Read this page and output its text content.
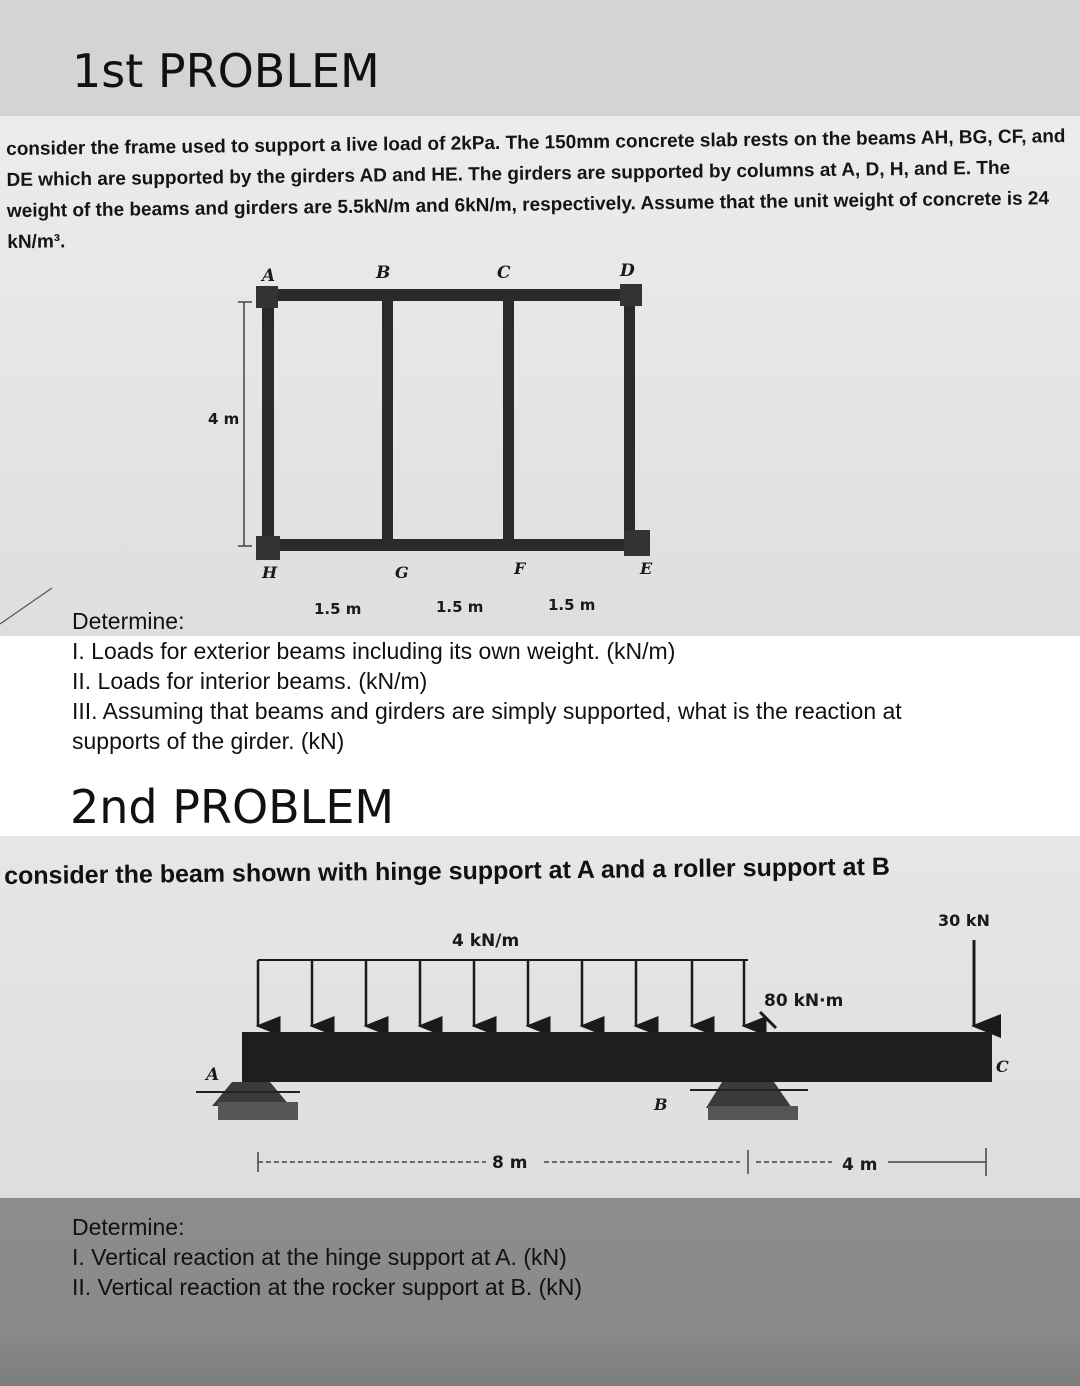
1st PROBLEM
consider the frame used to support a live load of 2kPa. The 150mm concrete slab rests on the beams AH, BG, CF, and DE which are supported by the girders AD and HE. The girders are supported by columns at A, D, H, and E. The weight of the beams and girders are 5.5kN/m and 6kN/m, respectively. Assume that the unit weight of concrete is 24 kN/m³.
4 m
A	B	C	D
H	G	F	E
1.5 m	1.5 m	1.5 m
Determine:
I. Loads for exterior beams including its own weight. (kN/m)
II. Loads for interior beams. (kN/m)
III. Assuming that beams and girders are simply supported, what is the reaction at supports of the girder. (kN)
2nd PROBLEM
consider the beam shown with hinge support at A and a roller support at B
4 kN/m
30 kN
80 kN·m
A
B
C
8 m	4 m
Determine:
I. Vertical reaction at the hinge support at A. (kN)
II. Vertical reaction at the rocker support at B. (kN)
